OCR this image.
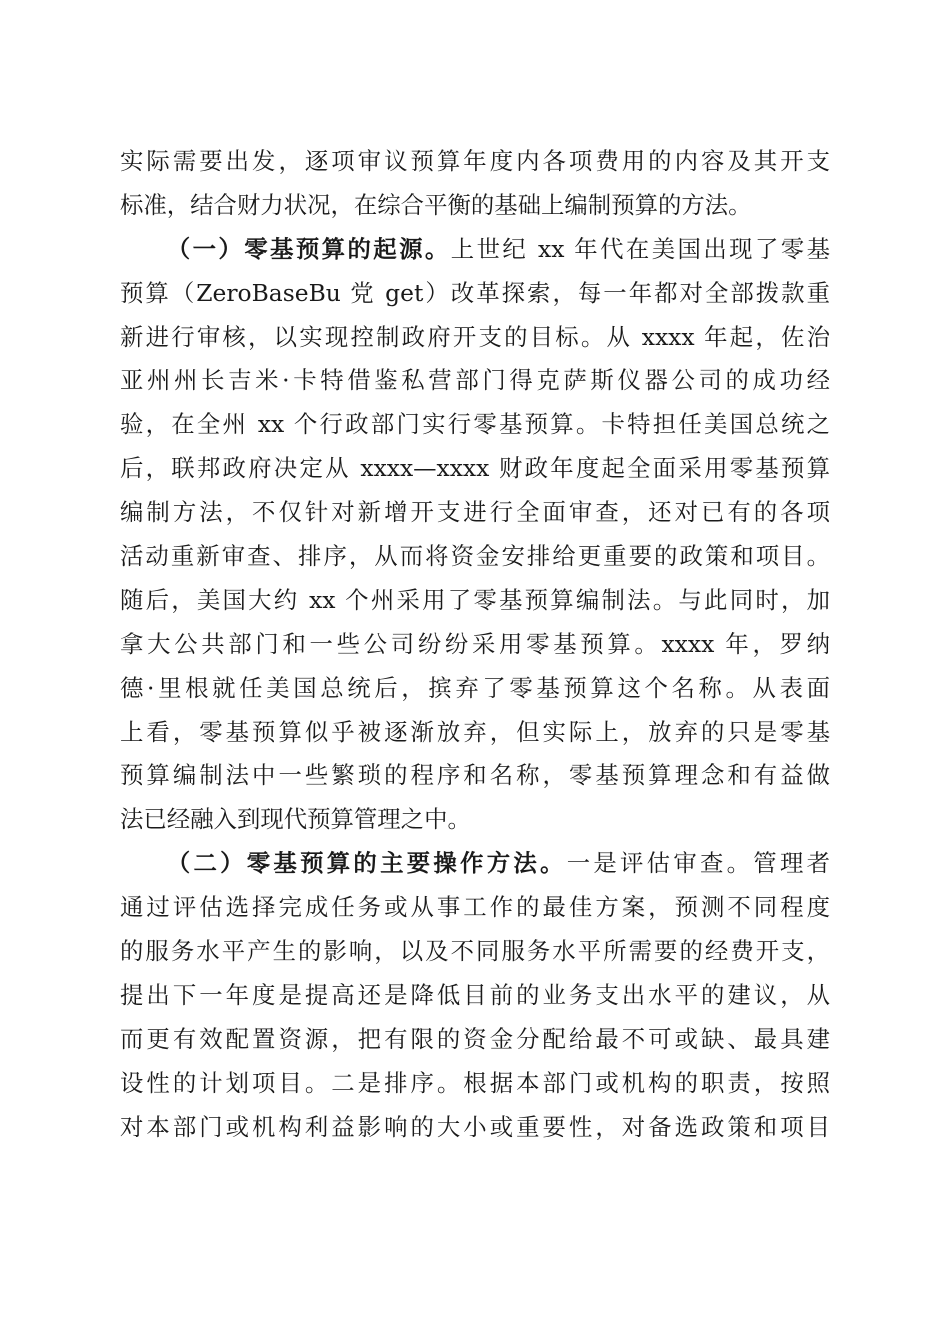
实际需要出发，逐项审议预算年度内各项费用的内容及其开支
标准，结合财力状况，在综合平衡的基础上编制预算的方法。
（一）零基预算的起源。上世纪 xx 年代在美国出现了零基
预算（ZeroBaseBu 党 get）改革探索，每一年都对全部拨款重
新进行审核，以实现控制政府开支的目标。从 xxxx 年起，佐治
亚州州长吉米·卡特借鉴私营部门得克萨斯仪器公司的成功经
验，在全州 xx 个行政部门实行零基预算。卡特担任美国总统之
后，联邦政府决定从 xxxx—xxxx 财政年度起全面采用零基预算
编制方法，不仅针对新增开支进行全面审查，还对已有的各项
活动重新审查、排序，从而将资金安排给更重要的政策和项目。
随后，美国大约 xx 个州采用了零基预算编制法。与此同时，加
拿大公共部门和一些公司纷纷采用零基预算。xxxx 年，罗纳
德·里根就任美国总统后，摈弃了零基预算这个名称。从表面
上看，零基预算似乎被逐渐放弃，但实际上，放弃的只是零基
预算编制法中一些繁琐的程序和名称，零基预算理念和有益做
法已经融入到现代预算管理之中。
（二）零基预算的主要操作方法。一是评估审查。管理者
通过评估选择完成任务或从事工作的最佳方案，预测不同程度
的服务水平产生的影响，以及不同服务水平所需要的经费开支，
提出下一年度是提高还是降低目前的业务支出水平的建议，从
而更有效配置资源，把有限的资金分配给最不可或缺、最具建
设性的计划项目。二是排序。根据本部门或机构的职责，按照
对本部门或机构利益影响的大小或重要性，对备选政策和项目
